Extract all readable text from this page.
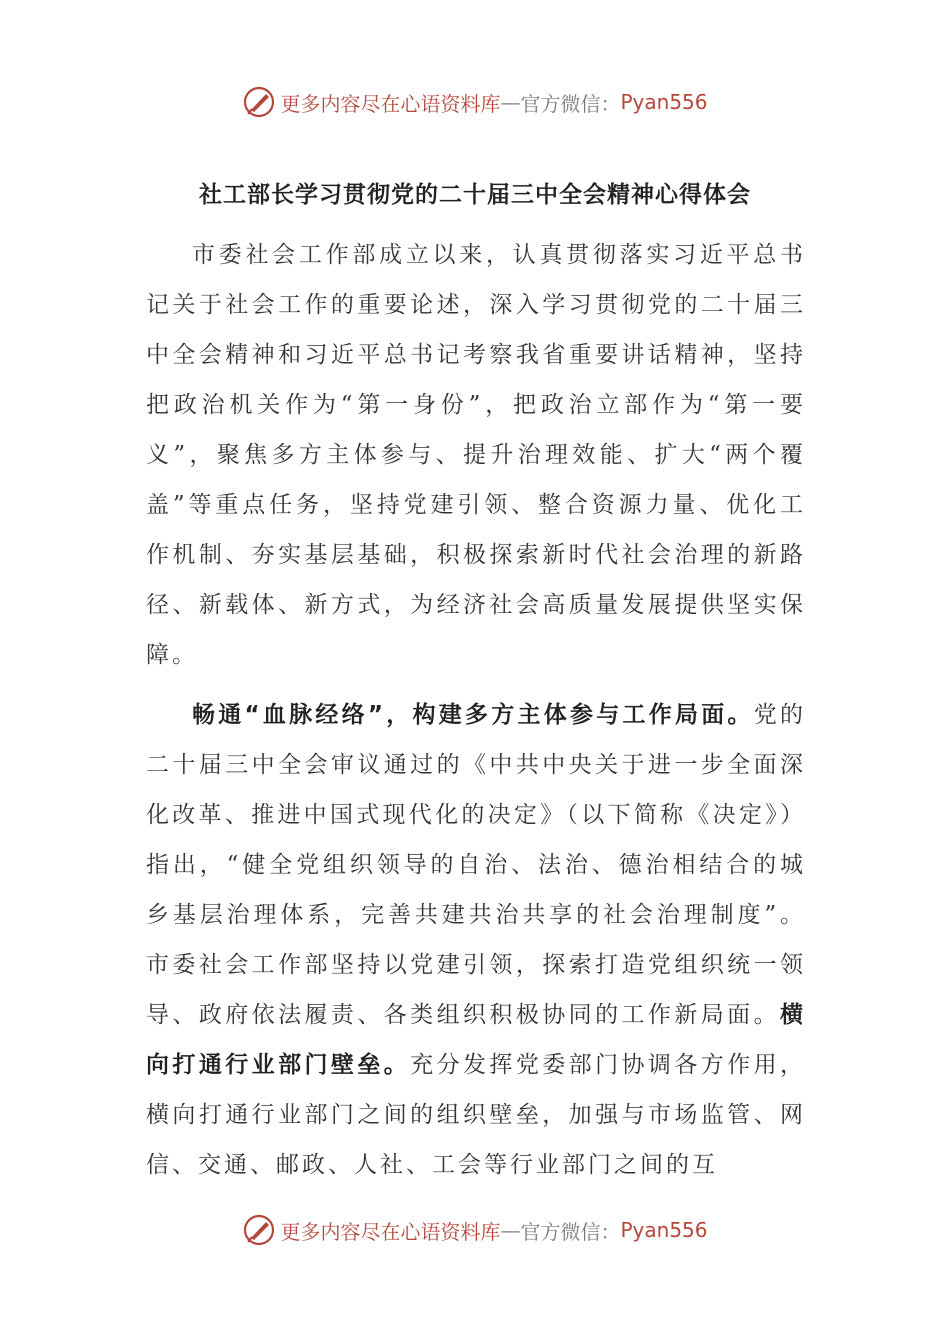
更多内容尽在心语资料库 — 官方微信： Pyan556
社工部长学习贯彻党的二十届三中全会精神心得体会

市委社会工作部成立以来，认真贯彻落实习近平总书记关于社会工作的重要论述，深入学习贯彻党的二十届三中全会精神和习近平总书记考察我省重要讲话精神，坚持把政治机关作为“第一身份”，把政治立部作为“第一要义”，聚焦多方主体参与、提升治理效能、扩大“两个覆盖”等重点任务，坚持党建引领、整合资源力量、优化工作机制、夯实基层基础，积极探索新时代社会治理的新路径、新载体、新方式，为经济社会高质量发展提供坚实保障。

畅通“血脉经络”，构建多方主体参与工作局面。党的二十届三中全会审议通过的《中共中央关于进一步全面深化改革、推进中国式现代化的决定》（以下简称《决定》）指出，“健全党组织领导的自治、法治、德治相结合的城乡基层治理体系，完善共建共治共享的社会治理制度”。市委社会工作部坚持以党建引领，探索打造党组织统一领导、政府依法履责、各类组织积极协同的工作新局面。横向打通行业部门壁垒。充分发挥党委部门协调各方作用，横向打通行业部门之间的组织壁垒，加强与市场监管、网信、交通、邮政、人社、工会等行业部门之间的互

更多内容尽在心语资料库 — 官方微信： Pyan556
